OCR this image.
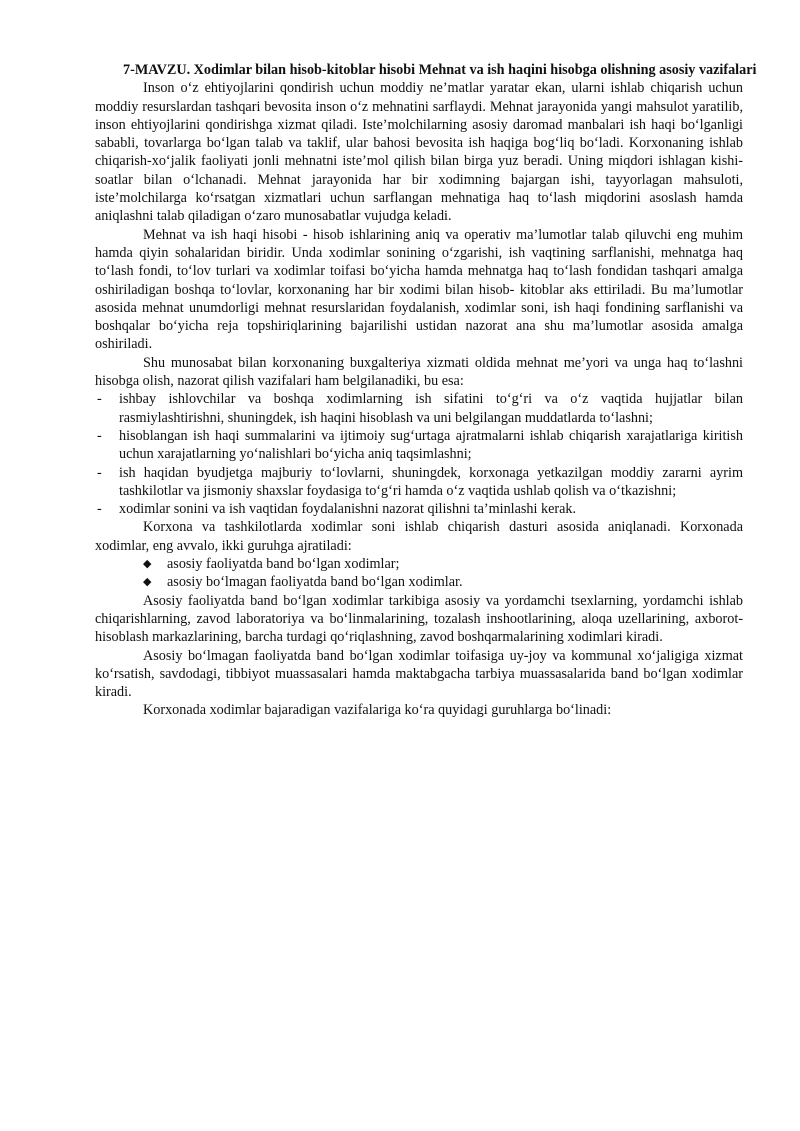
7-MAVZU. Xodimlar bilan hisob-kitoblar hisobi Mehnat va ish haqini hisobga olishning asosiy vazifalari

Inson o‘z ehtiyojlarini qondirish uchun moddiy ne’matlar yaratar ekan, ularni ishlab chiqarish uchun moddiy resurslardan tashqari bevosita inson o‘z mehnatini sarflaydi. Mehnat jarayonida yangi mahsulot yaratilib, inson ehtiyojlarini qondirishga xizmat qiladi. Iste’molchilarning asosiy daromad manbalari ish haqi bo‘lganligi sababli, tovarlarga bo‘lgan talab va taklif, ular bahosi bevosita ish haqiga bog‘liq bo‘ladi. Korxonaning ishlab chiqarish-xo‘jalik faoliyati jonli mehnatni iste’mol qilish bilan birga yuz beradi. Uning miqdori ishlagan kishi-soatlar bilan o‘lchanadi. Mehnat jarayonida har bir xodimning bajargan ishi, tayyorlagan mahsuloti, iste’molchilarga ko‘rsatgan xizmatlari uchun sarflangan mehnatiga haq to‘lash miqdorini asoslash hamda aniqlashni talab qiladigan o‘zaro munosabatlar vujudga keladi.

Mehnat va ish haqi hisobi - hisob ishlarining aniq va operativ ma’lumotlar talab qiluvchi eng muhim hamda qiyin sohalaridan biridir. Unda xodimlar sonining o‘zgarishi, ish vaqtining sarflanishi, mehnatga haq to‘lash fondi, to‘lov turlari va xodimlar toifasi bo‘yicha hamda mehnatga haq to‘lash fondidan tashqari amalga oshiriladigan boshqa to‘lovlar, korxonaning har bir xodimi bilan hisob- kitoblar aks ettiriladi. Bu ma’lumotlar asosida mehnat unumdorligi mehnat resurslaridan foydalanish, xodimlar soni, ish haqi fondining sarflanishi va boshqalar bo‘yicha reja topshiriqlarining bajarilishi ustidan nazorat ana shu ma’lumotlar asosida amalga oshiriladi.

Shu munosabat bilan korxonaning buxgalteriya xizmati oldida mehnat me’yori va unga haq to‘lashni hisobga olish, nazorat qilish vazifalari ham belgilanadiki, bu esa:

- ishbay ishlovchilar va boshqa xodimlarning ish sifatini to‘g‘ri va o‘z vaqtida hujjatlar bilan rasmiylashtirishni, shuningdek, ish haqini hisoblash va uni belgilangan muddatlarda to‘lashni;
- hisoblangan ish haqi summalarini va ijtimoiy sug‘urtaga ajratmalarni ishlab chiqarish xarajatlariga kiritish uchun xarajatlarning yo‘nalishlari bo‘yicha aniq taqsimlashni;
- ish haqidan byudjetga majburiy to‘lovlarni, shuningdek, korxonaga yetkazilgan moddiy zararni ayrim tashkilotlar va jismoniy shaxslar foydasiga to‘g‘ri hamda o‘z vaqtida ushlab qolish va o‘tkazishni;
- xodimlar sonini va ish vaqtidan foydalanishni nazorat qilishni ta’minlashi kerak.

Korxona va tashkilotlarda xodimlar soni ishlab chiqarish dasturi asosida aniqlanadi. Korxonada xodimlar, eng avvalo, ikki guruhga ajratiladi:

◆ asosiy faoliyatda band bo‘lgan xodimlar;
◆ asosiy bo‘lmagan faoliyatda band bo‘lgan xodimlar.

Asosiy faoliyatda band bo‘lgan xodimlar tarkibiga asosiy va yordamchi tsexlarning, yordamchi ishlab chiqarishlarning, zavod laboratoriya va bo‘linmalarining, tozalash inshootlarining, aloqa uzellarining, axborot-hisoblash markazlarining, barcha turdagi qo‘riqlashning, zavod boshqarmalarining xodimlari kiradi.

Asosiy bo‘lmagan faoliyatda band bo‘lgan xodimlar toifasiga uy-joy va kommunal xo‘jaligiga xizmat ko‘rsatish, savdodagi, tibbiyot muassasalari hamda maktabgacha tarbiya muassasalarida band bo‘lgan xodimlar kiradi.

Korxonada xodimlar bajaradigan vazifalariga ko‘ra quyidagi guruhlarga bo‘linadi:
